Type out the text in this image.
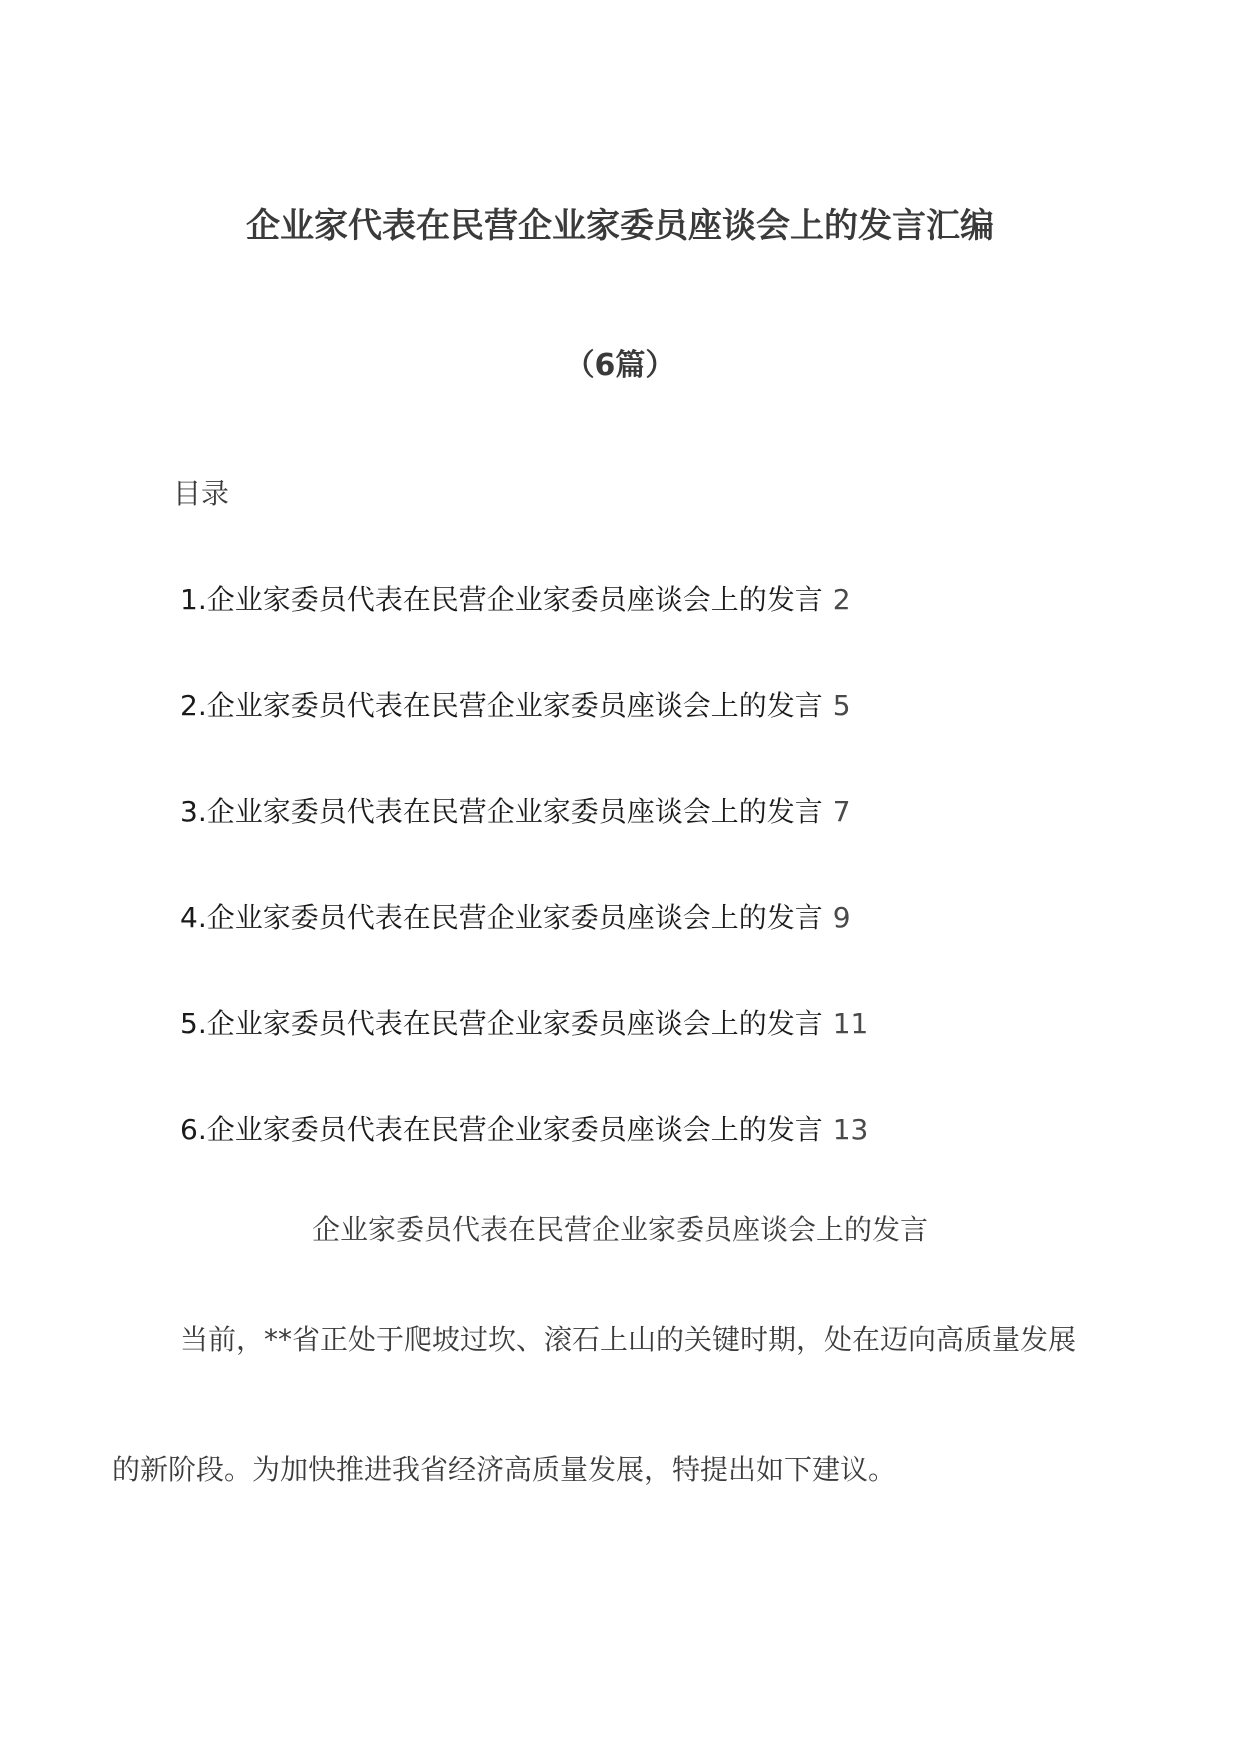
企业家代表在民营企业家委员座谈会上的发言汇编
（6篇）
目录
1.企业家委员代表在民营企业家委员座谈会上的发言 2
2.企业家委员代表在民营企业家委员座谈会上的发言 5
3.企业家委员代表在民营企业家委员座谈会上的发言 7
4.企业家委员代表在民营企业家委员座谈会上的发言 9
5.企业家委员代表在民营企业家委员座谈会上的发言 11
6.企业家委员代表在民营企业家委员座谈会上的发言 13
企业家委员代表在民营企业家委员座谈会上的发言
当前，**省正处于爬坡过坎、滚石上山的关键时期，处在迈向高质量发展
的新阶段。为加快推进我省经济高质量发展，特提出如下建议。
